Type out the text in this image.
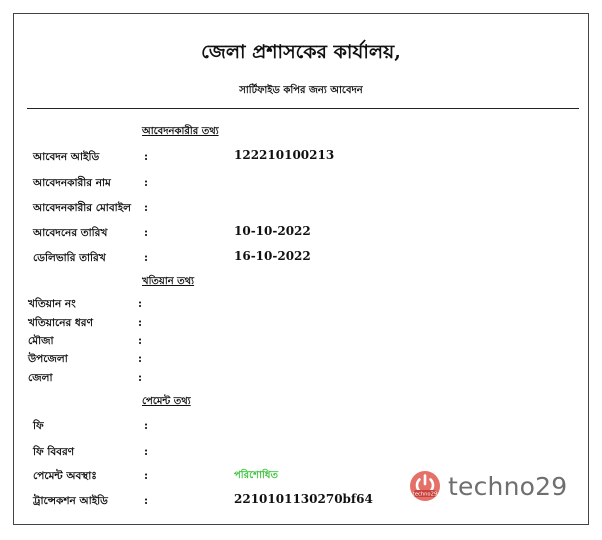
জেলা প্রশাসকের কার্যালয়,
সার্টিফাইড কপির জন্য আবেদন
আবেদনকারীর তথ্য
আবেদন আইডি	:	122210100213
আবেদনকারীর নাম	:
আবেদনকারীর মোবাইল :
আবেদনের তারিখ	:	10-10-2022
ডেলিভারি তারিখ	:	16-10-2022
খতিয়ান তথ্য
খতিয়ান নং	:
খতিয়ানের ধরণ	:
মৌজা	:
উপজেলা	:
জেলা	:
পেমেন্ট তথ্য
ফি	:
ফি বিবরণ	:
পেমেন্ট অবস্থাঃ	:	পরিশোধিত
ট্রান্সেকশন আইডি	:	2210101130270bf64	techno29 techno29
